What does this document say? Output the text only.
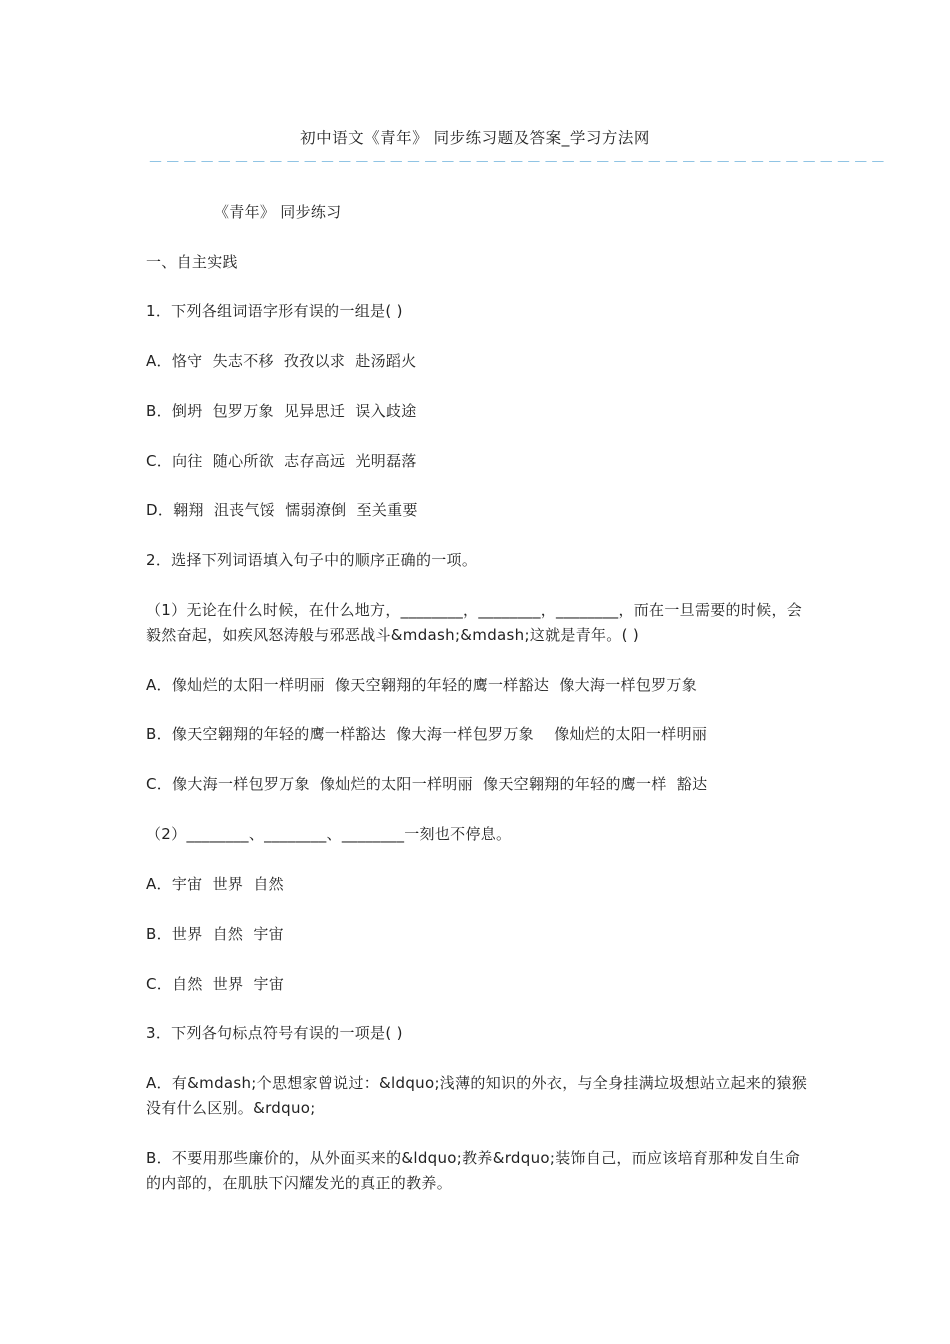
初中语文《青年》 同步练习题及答案_学习方法网
－－－－－－－－－－－－－－－－－－－－－－－－－－－－－－－－－－－－－－－－－－－

《青年》 同步练习

一、自主实践

1．下列各组词语字形有误的一组是( )

A．恪守  失志不移  孜孜以求  赴汤蹈火

B．倒坍  包罗万象  见异思迁  误入歧途

C．向往  随心所欲  志存高远  光明磊落

D．翱翔  沮丧气馁  懦弱潦倒  至关重要

2．选择下列词语填入句子中的顺序正确的一项。

（1）无论在什么时候，在什么地方，________，________，________，而在一旦需要的时候，会毅然奋起，如疾风怒涛般与邪恶战斗&mdash;&mdash;这就是青年。( )

A．像灿烂的太阳一样明丽  像天空翱翔的年轻的鹰一样豁达  像大海一样包罗万象

B．像天空翱翔的年轻的鹰一样豁达  像大海一样包罗万象    像灿烂的太阳一样明丽

C．像大海一样包罗万象  像灿烂的太阳一样明丽  像天空翱翔的年轻的鹰一样  豁达

（2）________、________、________一刻也不停息。

A．宇宙  世界  自然

B．世界  自然  宇宙

C．自然  世界  宇宙

3．下列各句标点符号有误的一项是( )

A．有&mdash;个思想家曾说过：&ldquo;浅薄的知识的外衣，与全身挂满垃圾想站立起来的猿猴没有什么区别。&rdquo;

B．不要用那些廉价的，从外面买来的&ldquo;教养&rdquo;装饰自己，而应该培育那种发自生命的内部的，在肌肤下闪耀发光的真正的教养。
